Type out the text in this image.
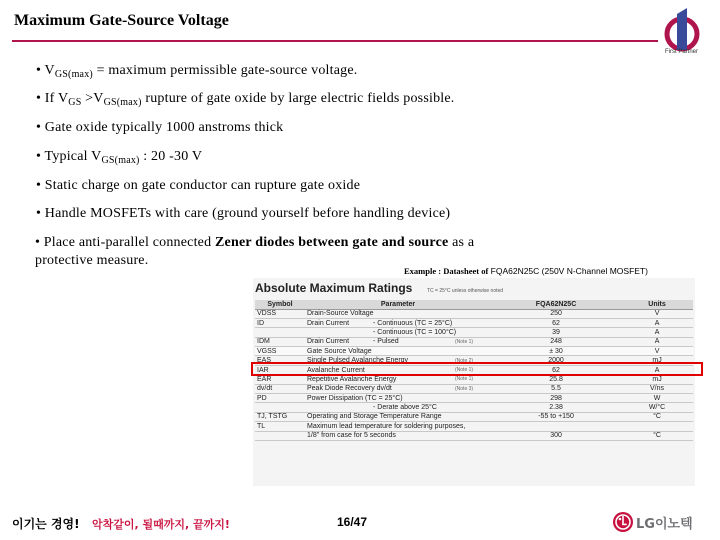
Maximum Gate-Source Voltage
First Partner
• $V_{GS(max)}$ = maximum permissible gate-source voltage.
• If $V_{GS} >V_{GS(max)}$ rupture of gate oxide by large electric fields possible.
• Gate oxide typically 1000 anstroms thick
• Typical $V_{GS(max)}$ : 20 -30 V
• Static charge on gate conductor can rupture gate oxide
• Handle MOSFETs with care (ground yourself before handling device)
• Place anti-parallel connected Zener diodes between gate and source as a protective measure.
Example : Datasheet of FQA62N25C (250V N-Channel MOSFET)
Absolute Maximum Ratings	TC = 25°C unless otherwise noted
Symbol	Parameter			FQA62N25C	Units
VDSS	Drain-Source Voltage			250	V
ID	Drain Current	- Continuous (TC = 25°C)		62	A
		- Continuous (TC = 100°C)		39	A
IDM	Drain Current	- Pulsed	(Note 1)	248	A
VGSS	Gate Source Voltage			± 30	V
EAS	Single Pulsed Avalanche Energy		(Note 2)	2000	mJ
IAR	Avalanche Current		(Note 1)	62	A
EAR	Repetitive Avalanche Energy		(Note 1)	25.8	mJ
dv/dt	Peak Diode Recovery dv/dt		(Note 3)	5.5	V/ns
PD	Power Dissipation (TC = 25°C)			298	W
		- Derate above 25°C		2.38	W/°C
TJ, TSTG	Operating and Storage Temperature Range			-55 to +150	°C
TL	Maximum lead temperature for soldering purposes,				
	1/8" from case for 5 seconds			300	°C
이기는 경영! 악착같이, 될때까지, 끝까지!	16/47	LG이노텍
